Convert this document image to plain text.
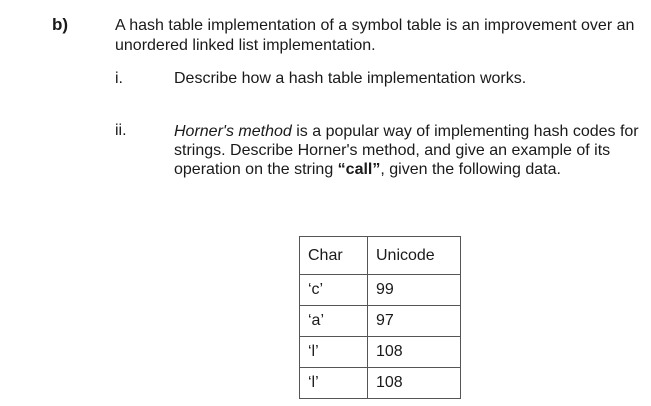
b)	A hash table implementation of a symbol table is an improvement over an unordered linked list implementation.
i.	Describe how a hash table implementation works.
ii.	Horner's method is a popular way of implementing hash codes for strings. Describe Horner's method, and give an example of its operation on the string “call”, given the following data.
Char	Unicode
‘c’	99
‘a’	97
‘l’	108
‘l’	108
